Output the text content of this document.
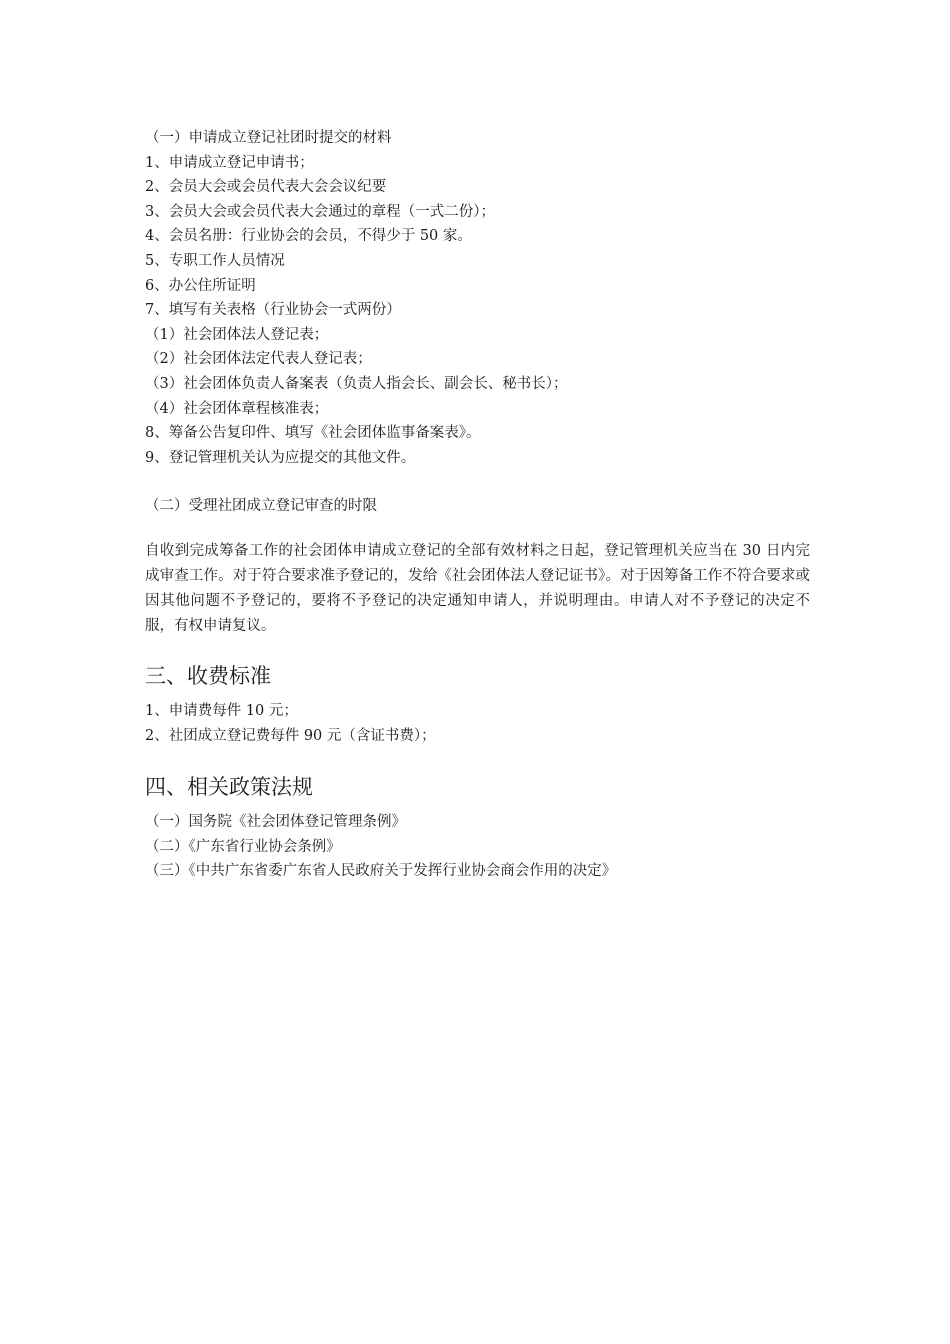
（一）申请成立登记社团时提交的材料
1、申请成立登记申请书；
2、会员大会或会员代表大会会议纪要
3、会员大会或会员代表大会通过的章程（一式二份）；
4、会员名册：行业协会的会员，不得少于 50 家。
5、专职工作人员情况
6、办公住所证明
7、填写有关表格（行业协会一式两份）
（1）社会团体法人登记表；
（2）社会团体法定代表人登记表；
（3）社会团体负责人备案表（负责人指会长、副会长、秘书长）；
（4）社会团体章程核准表；
8、筹备公告复印件、填写《社会团体监事备案表》。
9、登记管理机关认为应提交的其他文件。
（二）受理社团成立登记审查的时限
自收到完成筹备工作的社会团体申请成立登记的全部有效材料之日起，登记管理机关应当在 30 日内完成审查工作。对于符合要求准予登记的，发给《社会团体法人登记证书》。对于因筹备工作不符合要求或因其他问题不予登记的，要将不予登记的决定通知申请人，并说明理由。申请人对不予登记的决定不服，有权申请复议。
三、收费标准
1、申请费每件 10 元；
2、社团成立登记费每件 90 元（含证书费）；
四、相关政策法规
（一）国务院《社会团体登记管理条例》
（二）《广东省行业协会条例》
（三）《中共广东省委广东省人民政府关于发挥行业协会商会作用的决定》
